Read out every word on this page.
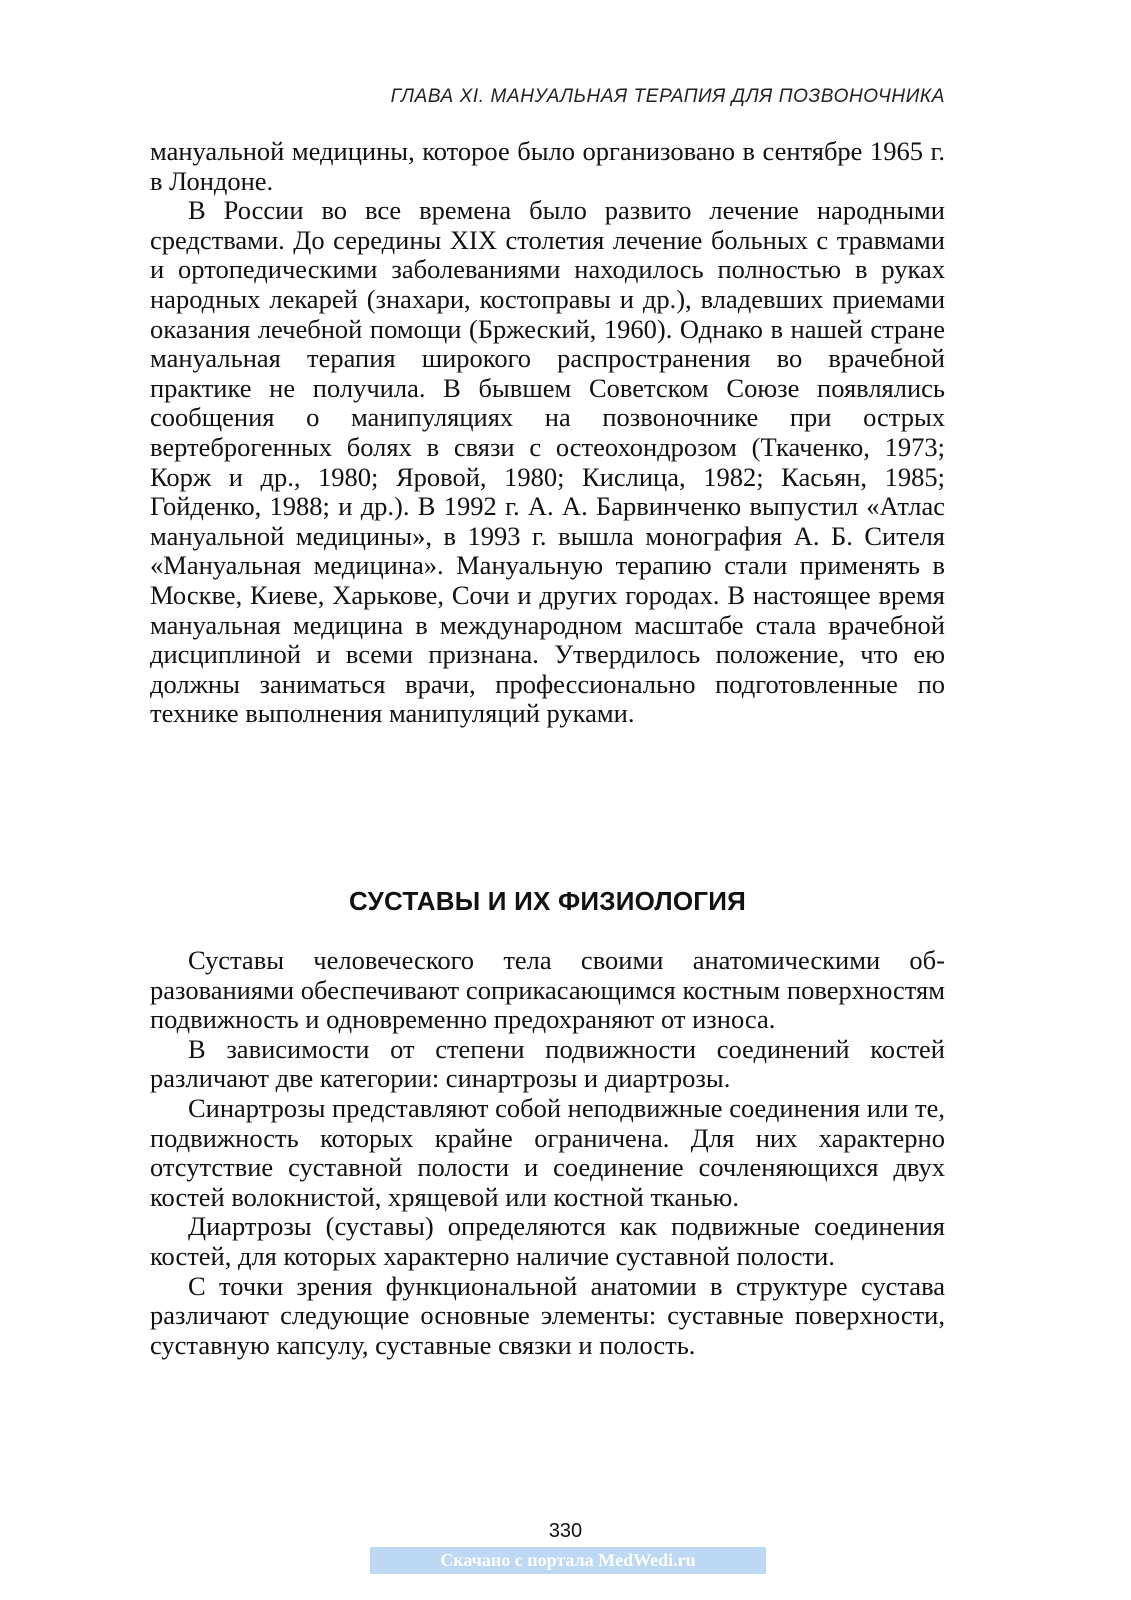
ГЛАВА XI. МАНУАЛЬНАЯ ТЕРАПИЯ ДЛЯ ПОЗВОНОЧНИКА

мануальной медицины, которое было организовано в сентябре 1965 г. в Лондоне.

В России во все времена было развито лечение народными средствами. До середины XIX столетия лечение больных с травмами и ортопедическими заболеваниями находилось полностью в руках народных лекарей (знахари, костоправы и др.), владевших приемами оказания лечебной помощи (Бржеский, 1960). Однако в нашей стране мануальная терапия широкого распространения во врачебной практике не получила. В бывшем Советском Союзе появлялись сообщения о манипуляциях на позвоночнике при острых вертеброгенных болях в связи с остеохондрозом (Ткаченко, 1973; Корж и др., 1980; Яровой, 1980; Кислица, 1982; Касьян, 1985; Гойденко, 1988; и др.). В 1992 г. А. А. Барвинченко выпустил «Атлас мануальной медицины», в 1993 г. вышла монография А. Б. Сителя «Мануальная медицина». Мануальную терапию стали применять в Москве, Киеве, Харькове, Сочи и других городах. В настоящее время мануальная медицина в международном масштабе стала врачебной дисциплиной и всеми признана. Утвердилось положение, что ею должны заниматься врачи, профессионально подготовленные по технике выполнения манипуляций руками.

СУСТАВЫ И ИХ ФИЗИОЛОГИЯ

Суставы человеческого тела своими анатомическими образованиями обеспечивают соприкасающимся костным поверхностям подвижность и одновременно предохраняют от износа.

В зависимости от степени подвижности соединений костей различают две категории: синартрозы и диартрозы.

Синартрозы представляют собой неподвижные соединения или те, подвижность которых крайне ограничена. Для них характерно отсутствие суставной полости и соединение сочленяющихся двух костей волокнистой, хрящевой или костной тканью.

Диартрозы (суставы) определяются как подвижные соединения костей, для которых характерно наличие суставной полости.

С точки зрения функциональной анатомии в структуре сустава различают следующие основные элементы: суставные поверхности, суставную капсулу, суставные связки и полость.

330
Скачано с портала MedWedi.ru
